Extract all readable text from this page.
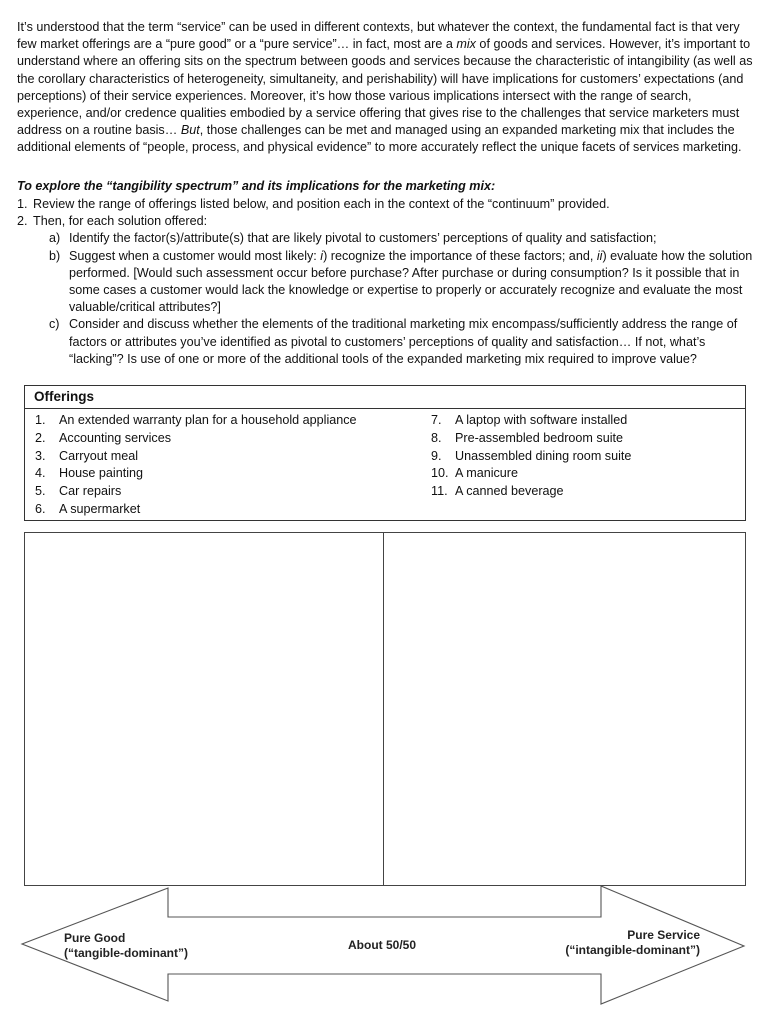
It’s understood that the term “service” can be used in different contexts, but whatever the context, the fundamental fact is that very few market offerings are a “pure good” or a “pure service”… in fact, most are a mix of goods and services. However, it’s important to understand where an offering sits on the spectrum between goods and services because the characteristic of intangibility (as well as the corollary characteristics of heterogeneity, simultaneity, and perishability) will have implications for customers’ expectations (and perceptions) of their service experiences. Moreover, it’s how those various implications intersect with the range of search, experience, and/or credence qualities embodied by a service offering that gives rise to the challenges that service marketers must address on a routine basis… But, those challenges can be met and managed using an expanded marketing mix that includes the additional elements of “people, process, and physical evidence” to more accurately reflect the unique facets of services marketing.

To explore the “tangibility spectrum” and its implications for the marketing mix:
1. Review the range of offerings listed below, and position each in the context of the “continuum” provided.
2. Then, for each solution offered:
a) Identify the factor(s)/attribute(s) that are likely pivotal to customers’ perceptions of quality and satisfaction;
b) Suggest when a customer would most likely: i) recognize the importance of these factors; and, ii) evaluate how the solution performed. [Would such assessment occur before purchase? After purchase or during consumption? Is it possible that in some cases a customer would lack the knowledge or expertise to properly or accurately recognize and evaluate the most valuable/critical attributes?]
c) Consider and discuss whether the elements of the traditional marketing mix encompass/sufficiently address the range of factors or attributes you’ve identified as pivotal to customers’ perceptions of quality and satisfaction… If not, what’s “lacking”? Is use of one or more of the additional tools of the expanded marketing mix required to improve value?
Offerings
1. An extended warranty plan for a household appliance
2. Accounting services
3. Carryout meal
4. House painting
5. Car repairs
6. A supermarket
7. A laptop with software installed
8. Pre-assembled bedroom suite
9. Unassembled dining room suite
10. A manicure
11. A canned beverage
Pure Good
(“tangible-dominant”)
About 50/50
Pure Service
(“intangible-dominant”)
